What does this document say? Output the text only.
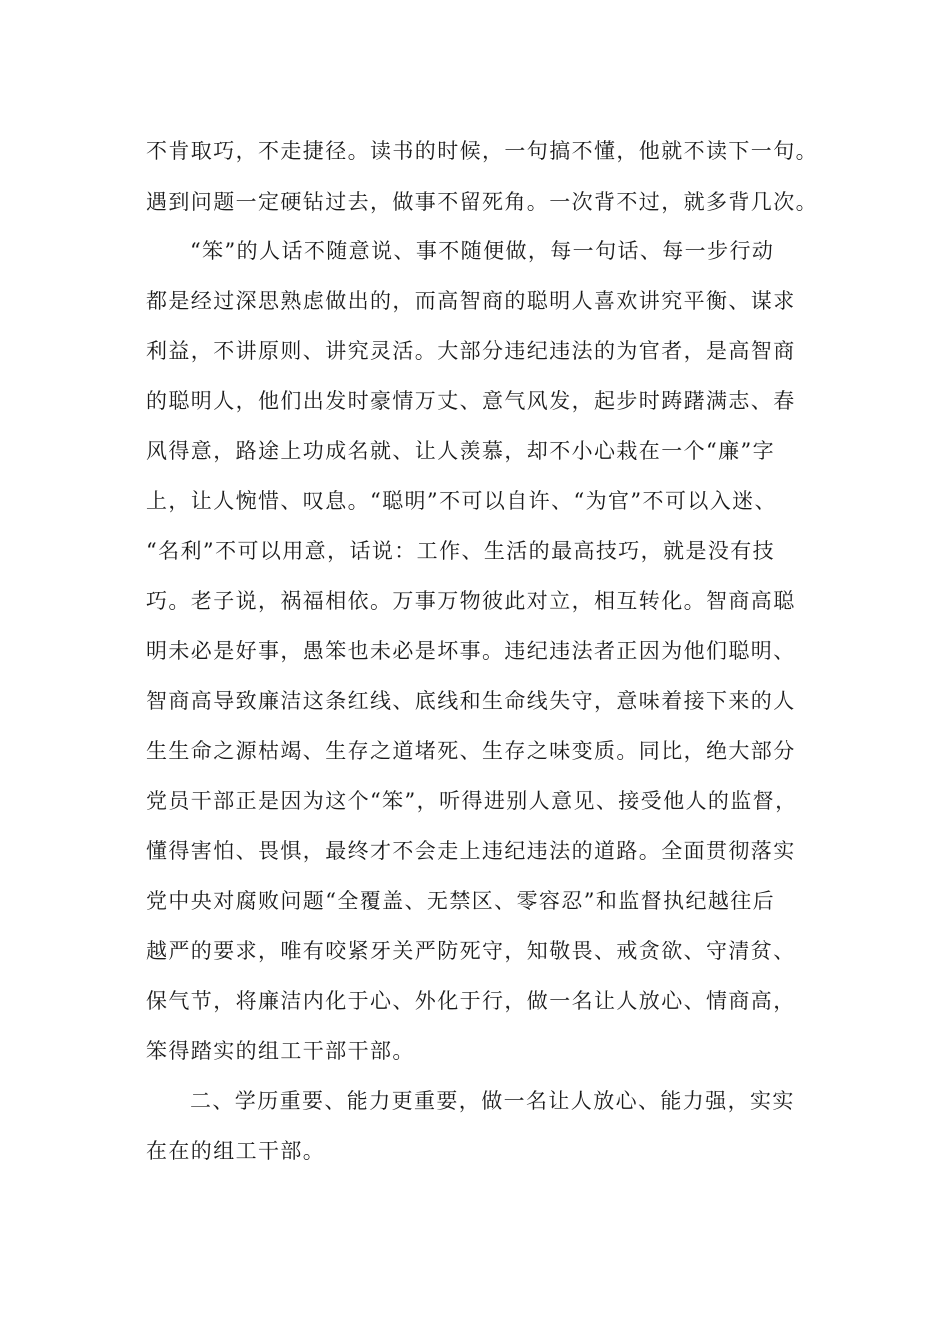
不肯取巧，不走捷径。读书的时候，一句搞不懂，他就不读下一句。
遇到问题一定硬钻过去，做事不留死角。一次背不过，就多背几次。
“笨”的人话不随意说、事不随便做，每一句话、每一步行动
都是经过深思熟虑做出的，而高智商的聪明人喜欢讲究平衡、谋求
利益，不讲原则、讲究灵活。大部分违纪违法的为官者，是高智商
的聪明人，他们出发时豪情万丈、意气风发，起步时踌躇满志、春
风得意，路途上功成名就、让人羡慕，却不小心栽在一个“廉”字
上，让人惋惜、叹息。“聪明”不可以自许、“为官”不可以入迷、
“名利”不可以用意，话说：工作、生活的最高技巧，就是没有技
巧。老子说，祸福相依。万事万物彼此对立，相互转化。智商高聪
明未必是好事，愚笨也未必是坏事。违纪违法者正因为他们聪明、
智商高导致廉洁这条红线、底线和生命线失守，意味着接下来的人
生生命之源枯竭、生存之道堵死、生存之味变质。同比，绝大部分
党员干部正是因为这个“笨”，听得进别人意见、接受他人的监督，
懂得害怕、畏惧，最终才不会走上违纪违法的道路。全面贯彻落实
党中央对腐败问题“全覆盖、无禁区、零容忍”和监督执纪越往后
越严的要求，唯有咬紧牙关严防死守，知敬畏、戒贪欲、守清贫、
保气节，将廉洁内化于心、外化于行，做一名让人放心、情商高，
笨得踏实的组工干部干部。
二、学历重要、能力更重要，做一名让人放心、能力强，实实
在在的组工干部。
